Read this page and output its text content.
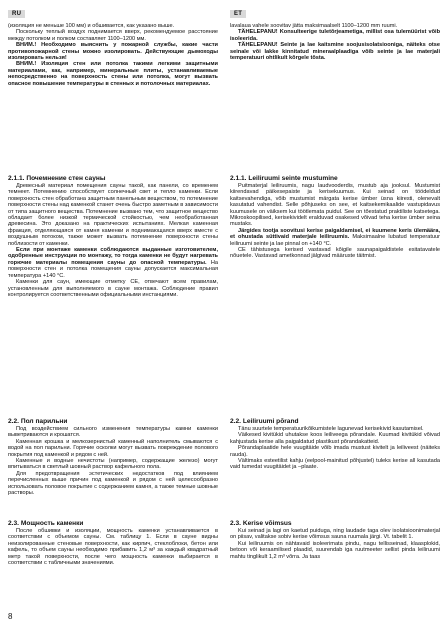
RU	ET

(изоляция не меньше 100 мм) и обшивается, как указано выше.

Поскольку теплый воздух поднимается вверх, рекомендуемое расстояние между потолком и полком составляет 1100–1200 мм.

ВНИМ.! Необходимо выяснить у пожарной службы, какие части противопожарной стены можно изолировать. Действующие дымоходы изолировать нельзя!

ВНИМ.! Изоляция стен или потолка такими легкими защитными материалами, как, например, минеральные плиты, устанавливаемые непосредственно на поверхность стены или потолка, могут вызвать опасное повышение температуры в стенных и потолочных материалах.

2.1.1. Почемнение стен сауны

Древесный материал помещения сауны такой, как панели, со временем темнеет. Потемнению способствует солнечный свет и тепло каменки. Если поверхность стен обработана защитным панельным веществом, то потемнение поверхности стены над каменкой станет очень быстро заметным в зависимости от типа защитного вещества. Потемнение вызвано тем, что защитное вещество обладает более низкой термической стойкостью, чем необработанная древесина. Это доказано на практических испытаниях. Мелкая каменная фракция, отделяющаяся от камня каменки и поднимающаяся вверх вместе с воздушным потоком, также может вызвать потемнение поверхности стены поблизости от каменки.

Если при монтаже каменки соблюдаются выданные изготовителем, одобренные инструкции по монтажу, то тогда каменки не будут нагревать горючие материалы помещения сауны до опасной температуры. На поверхности стен и потолка помещения сауны допускается максимальная температура +140 °C.

Каменки для саун, имеющие отметку CE, отвечают всем правилам, установленным для выполняемого в сауне монтажа. Соблюдение правил контролируется соответственными официальными инстанциями.

2.2. Пол парильни

Под воздействием сильного изменения температуры камни каменки выветриваются и крошатся.

Каменная крошка и мелкозернистый каменный наполнитель смываются с водой на пол парильни. Горячие осколки могут вызвать повреждение полового покрытия под каменкой и рядом с ней.

Каменные и водные нечистоты (например, содержащие железо) могут впитываться в светлый шовный раствор кафельного пола.

Для предотвращения эстетических недостатков под влиянием перечисленных выше причин под каменкой и рядом с ней целесообразно использовать половое покрытие с содержанием камня, а также темные шовные растворы.

2.3. Мощность каменки

После обшивки и изоляции, мощность каменки устанавливается в соответствии с объемом сауны. См. таблицу 1. Если в сауне видны неизолированные стеновые поверхности, как кирпич, стеклоблоки, бетон или кафель, то объем сауны необходимо прибавить 1,2 м³ за каждый квадратный метр такой поверхности, после чего мощность каменки выбирается в соответствии с табличными значениями.

lavalaua vahele soovitav jätta maksimaalselt 1100–1200 mm ruumi.

TÄHELEPANU! Konsulteerige tuletõrjeametiga, millist osa tulemüürist võib isoleerida.

TÄHELEPANU! Seinte ja lae kaitsmine soojusisolatsiooniga, näiteks otse seinale või lakke kinnitatud mineraalplaadiga võib seinte ja lae materjali temperatuuri ohtlikult kõrgele tõsta.

2.1.1. Leiliruumi seinte mustumine

Puitmaterjal leiliruumis, nagu laudvooderdis, mustub aja jooksul. Mustumist kiirendavad päikesepaiste ja kerisekuumus. Kui seinad on töödeldud kaitsevahendiga, võib mustumist märgata kerise ümber üsna kiiresti, olenevalt kasutatud vahendist. Selle põhjuseks on see, et kaitsekemikaalide vastupidavus kuumusele on väiksem kui töötlemata puidul. See on tõestatud praktiliste katsetega. Mikroskoopilised, kerisekividelt eralduvad osakesed võivad teha kerise ümber seina mustaks.

Järgides tootja soovitusi kerise paigaldamisel, ei kuumene keris ülemäära, et ohustada süttivaid materjale leiliruumis. Maksimaalne lubatud temperatuur leiliruumi seinte ja lae pinnal on +140 °C.

CE tähistusega kerised vastavad kõigile saunapaigaldistele esitatavatele nõuetele. Vastavad ametkonnad jälgivad määruste täitmist.

2.2. Leiliruumi põrand

Tänu suurtele temperatuurikõikumistele lagunevad kerisekivid kasutamisel.

Väikesed kivitükid uhutakse koos leiliveega põrandale. Kuumad kivitükid võivad kahjustada kerise alla paigaldatud plastikust põrandakatteid.

Põrandaplaatide hele vuugitäide võib imada mustust kivitelt ja leiliveest (näiteks rauda).

Vältimaks esteetilist kahju (eelpool-mainitud põhjustel) tuleks kerise all kasutada vaid tumedat vuugitäidet ja –plaate.

2.3. Kerise võimsus

Kui seinad ja lagi on kaetud puiduga, ning laudade taga olev isolatsioonimaterjal on piisav, valitakse sobiv kerise võimsus sauna ruumala järgi. Vt. tabelit 1.

Kui leiliruumis on nähtavaid isoleerimata pindu, nagu tellisseinad, klaasplokid, betoon või keraamilised plaadid, suurendab iga ruutmeeter sellist pinda leiliruumi mahtu tinglikult 1,2 m³ võrra. Ja taas

8
